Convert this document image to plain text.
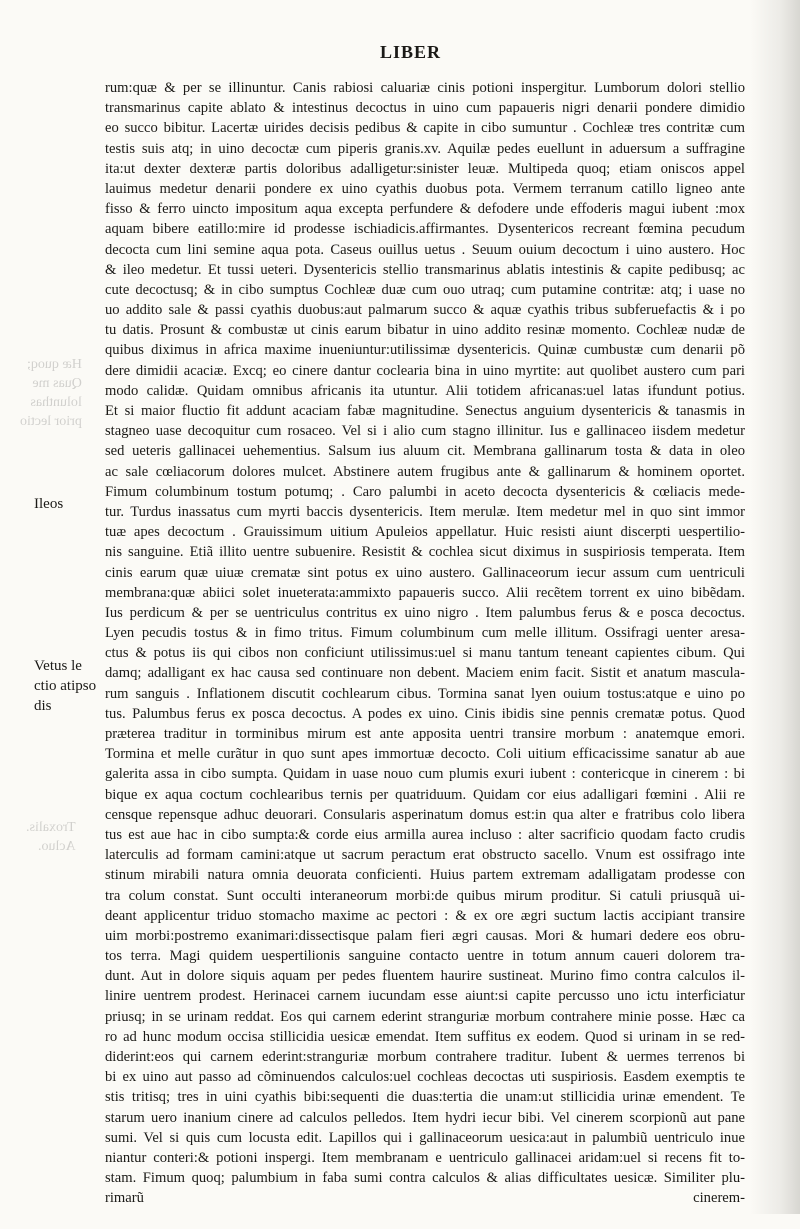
LIBER
Hæ quoq;
Quas me
lolunthas
prior lectio
Troxalis.
Acluo.
Ileos
Vetus le
ctio atipso
dis
rum:quæ & per se illinuntur. Canis rabiosi caluariæ cinis potioni inspergitur. Lumborum dolori stellio
transmarinus capite ablato & intestinus decoctus in uino cum papaueris nigri denarii pondere dimidio
eo succo bibitur. Lacertæ uirides decisis pedibus & capite in cibo sumuntur . Cochleæ tres contritæ cum
testis suis atq; in uino decoctæ cum piperis granis.xv. Aquilæ pedes euellunt in aduersum a suffragine
ita:ut dexter dexteræ partis doloribus adalligetur:sinister leuæ. Multipeda quoq; etiam oniscos appel
lauimus medetur denarii pondere ex uino cyathis duobus pota. Vermem terranum catillo ligneo ante
fisso & ferro uincto impositum aqua excepta perfundere & defodere unde effoderis magui iubent :mox
aquam bibere eatillo:mire id prodesse ischiadicis.affirmantes. Dysentericos recreant fœmina pecudum
decocta cum lini semine aqua pota. Caseus ouillus uetus . Seuum ouium decoctum i uino austero. Hoc
& ileo medetur. Et tussi ueteri. Dysentericis stellio transmarinus ablatis intestinis & capite pedibusq; ac
cute decoctusq; & in cibo sumptus Cochleæ duæ cum ouo utraq; cum putamine contritæ: atq; i uase no
uo addito sale & passi cyathis duobus:aut palmarum succo & aquæ cyathis tribus subferuefactis & i po
tu datis. Prosunt & combustæ ut cinis earum bibatur in uino addito resinæ momento. Cochleæ nudæ de
quibus diximus in africa maxime inueniuntur:utilissimæ dysentericis. Quinæ cumbustæ cum denarii põ
dere dimidii acaciæ. Excq; eo cinere dantur coclearia bina in uino myrtite: aut quolibet austero cum pari
modo calidæ. Quidam omnibus africanis ita utuntur. Alii totidem africanas:uel latas ifundunt potius.
Et si maior fluctio fit addunt acaciam fabæ magnitudine. Senectus anguium dysentericis & tanasmis in
stagneo uase decoquitur cum rosaceo. Vel si i alio cum stagno illinitur. Ius e gallinaceo iisdem medetur
sed ueteris gallinacei uehementius. Salsum ius aluum cit. Membrana gallinarum tosta & data in oleo
ac sale cœliacorum dolores mulcet. Abstinere autem frugibus ante & gallinarum & hominem oportet.
Fimum columbinum tostum potumq; . Caro palumbi in aceto decocta dysentericis & cœliacis mede-
tur. Turdus inassatus cum myrti baccis dysentericis. Item merulæ. Item medetur mel in quo sint immor
tuæ apes decoctum . Grauissimum uitium Apuleios appellatur. Huic resisti aiunt discerpti uespertilio-
nis sanguine. Etiã illito uentre subuenire. Resistit & cochlea sicut diximus in suspiriosis temperata. Item
cinis earum quæ uiuæ crematæ sint potus ex uino austero. Gallinaceorum iecur assum cum uentriculi
membrana:quæ abiici solet inueterata:ammixto papaueris succo. Alii recẽtem torrent ex uino bibẽdam.
Ius perdicum & per se uentriculus contritus ex uino nigro . Item palumbus ferus & e posca decoctus.
Lyen pecudis tostus & in fimo tritus. Fimum columbinum cum melle illitum. Ossifragi uenter aresa-
ctus & potus iis qui cibos non conficiunt utilissimus:uel si manu tantum teneant capientes cibum. Qui
damq; adalligant ex hac causa sed continuare non debent. Maciem enim facit. Sistit et anatum mascula-
rum sanguis . Inflationem discutit cochlearum cibus. Tormina sanat lyen ouium tostus:atque e uino po
tus. Palumbus ferus ex posca decoctus. A podes ex uino. Cinis ibidis sine pennis crematæ potus. Quod
præterea traditur in torminibus mirum est ante apposita uentri transire morbum : anatemque emori.
Tormina et melle curãtur in quo sunt apes immortuæ decocto. Coli uitium efficacissime sanatur ab aue
galerita assa in cibo sumpta. Quidam in uase nouo cum plumis exuri iubent : contericque in cinerem : bi
bique ex aqua coctum cochlearibus ternis per quatriduum. Quidam cor eius adalligari fœmini . Alii re
censque repensque adhuc deuorari. Consularis asperinatum domus est:in qua alter e fratribus colo libera
tus est aue hac in cibo sumpta:& corde eius armilla aurea incluso : alter sacrificio quodam facto crudis
laterculis ad formam camini:atque ut sacrum peractum erat obstructo sacello. Vnum est ossifrago inte
stinum mirabili natura omnia deuorata conficienti. Huius partem extremam adalligatam prodesse con
tra colum constat. Sunt occulti interaneorum morbi:de quibus mirum proditur. Si catuli priusquã ui-
deant applicentur triduo stomacho maxime ac pectori : & ex ore ægri suctum lactis accipiant transire
uim morbi:postremo exanimari:dissectisque palam fieri ægri causas. Mori & humari dedere eos obru-
tos terra. Magi quidem uespertilionis sanguine contacto uentre in totum annum caueri dolorem tra-
dunt. Aut in dolore siquis aquam per pedes fluentem haurire sustineat. Murino fimo contra calculos il-
linire uentrem prodest. Herinacei carnem iucundam esse aiunt:si capite percusso uno ictu interficiatur
priusq; in se urinam reddat. Eos qui carnem ederint stranguriæ morbum contrahere minie posse. Hæc ca
ro ad hunc modum occisa stillicidia uesicæ emendat. Item suffitus ex eodem. Quod si urinam in se red-
diderint:eos qui carnem ederint:stranguriæ morbum contrahere traditur. Iubent & uermes terrenos bi
bi ex uino aut passo ad cõminuendos calculos:uel cochleas decoctas uti suspiriosis. Easdem exemptis te
stis tritisq; tres in uini cyathis bibi:sequenti die duas:tertia die unam:ut stillicidia urinæ emendent. Te
starum uero inanium cinere ad calculos pelledos. Item hydri iecur bibi. Vel cinerem scorpionũ aut pane
sumi. Vel si quis cum locusta edit. Lapillos qui i gallinaceorum uesica:aut in palumbiũ uentriculo inue
niantur conteri:& potioni inspergi. Item membranam e uentriculo gallinacei aridam:uel si recens fit to-
stam. Fimum quoq; palumbium in faba sumi contra calculos & alias difficultates uesicæ. Similiter plu-
rimarũ cinerem-
